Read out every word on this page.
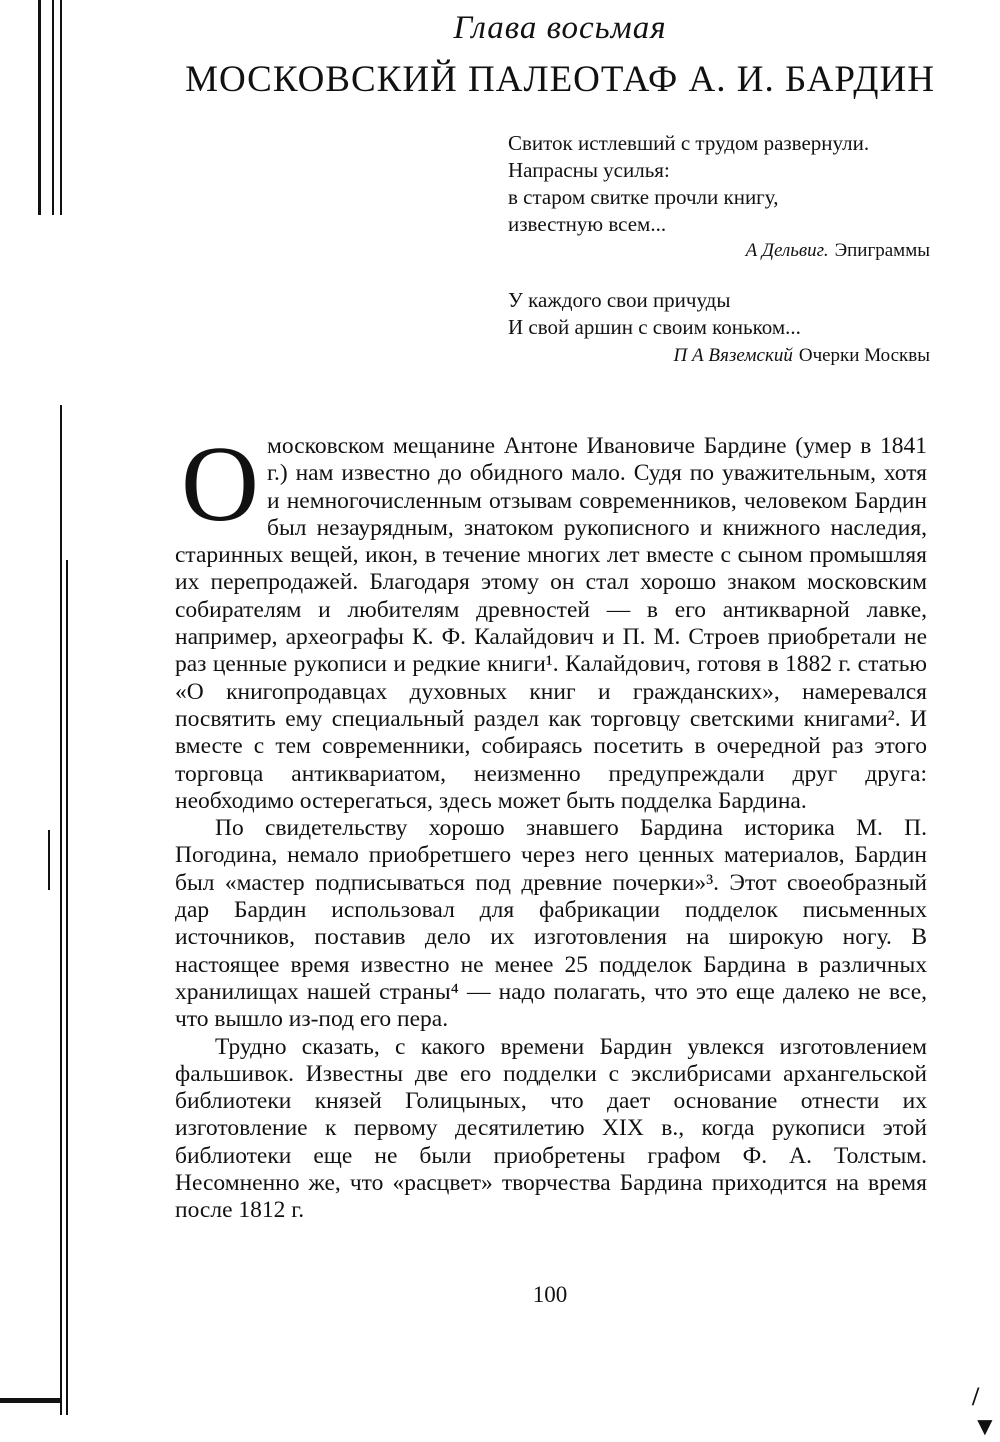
Глава восьмая
МОСКОВСКИЙ ПАЛЕОТАФ А. И. БАРДИН
Свиток истлевший с трудом развернули.
Напрасны усилья:
в старом свитке прочли книгу,
известную всем...
А Дельвиг. Эпиграммы
У каждого свои причуды
И свой аршин с своим коньком...
П А Вяземский Очерки Москвы

Омосковском мещанине Антоне Ивановиче Бардине (умер в 1841 г.) нам известно до обидного мало. Судя по уважительным, хотя и немногочисленным отзывам современников, человеком Бардин был незаурядным, знатоком рукописного и книжного наследия, старинных вещей, икон, в течение многих лет вместе с сыном промышляя их перепродажей. Благодаря этому он стал хорошо знаком московским собирателям и любителям древностей — в его антикварной лавке, например, археографы К. Ф. Калайдович и П. М. Строев приобретали не раз ценные рукописи и редкие книги¹. Калайдович, готовя в 1882 г. статью «О книгопродавцах духовных книг и гражданских», намеревался посвятить ему специальный раздел как торговцу светскими книгами². И вместе с тем современники, собираясь посетить в очередной раз этого торговца антиквариатом, неизменно предупреждали друг друга: необходимо остерегаться, здесь может быть подделка Бардина.

По свидетельству хорошо знавшего Бардина историка М. П. Погодина, немало приобретшего через него ценных материалов, Бардин был «мастер подписываться под древние почерки»³. Этот своеобразный дар Бардин использовал для фабрикации подделок письменных источников, поставив дело их изготовления на широкую ногу. В настоящее время известно не менее 25 подделок Бардина в различных хранилищах нашей страны⁴ — надо полагать, что это еще далеко не все, что вышло из-под его пера.

Трудно сказать, с какого времени Бардин увлекся изготовлением фальшивок. Известны две его подделки с экслибрисами архангельской библиотеки князей Голицыных, что дает основание отнести их изготовление к первому десятилетию XIX в., когда рукописи этой библиотеки еще не были приобретены графом Ф. А. Толстым. Несомненно же, что «расцвет» творчества Бардина приходится на время после 1812 г.

100
/▼
